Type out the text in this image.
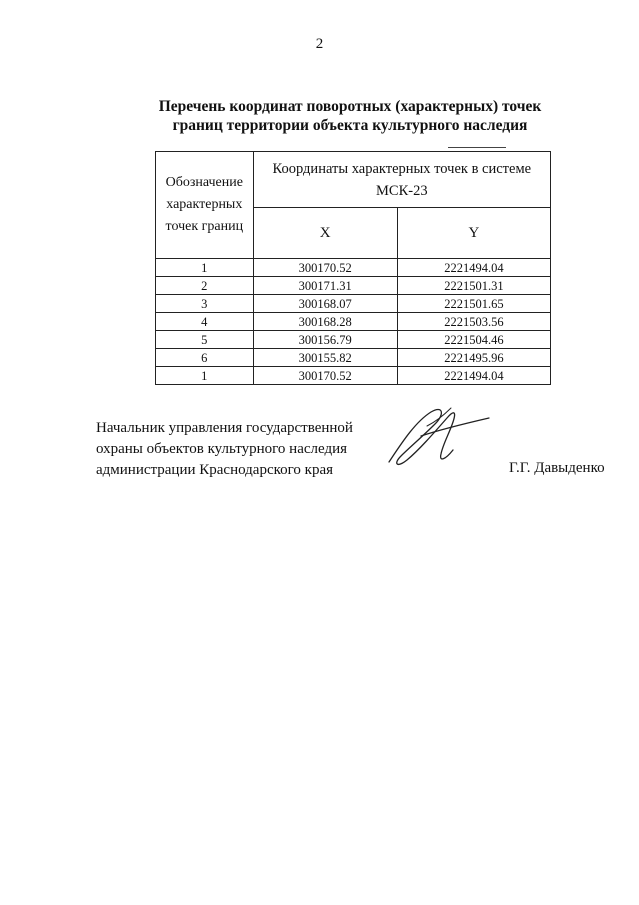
2
Перечень координат поворотных (характерных) точек
границ территории объекта культурного наследия
Обозначение характерных точек границ	Координаты характерных точек в системе МСК-23	
	X	Y
1	300170.52	2221494.04
2	300171.31	2221501.31
3	300168.07	2221501.65
4	300168.28	2221503.56
5	300156.79	2221504.46
6	300155.82	2221495.96
1	300170.52	2221494.04
Начальник управления государственной
охраны объектов культурного наследия
администрации Краснодарского края	Г.Г. Давыденко
